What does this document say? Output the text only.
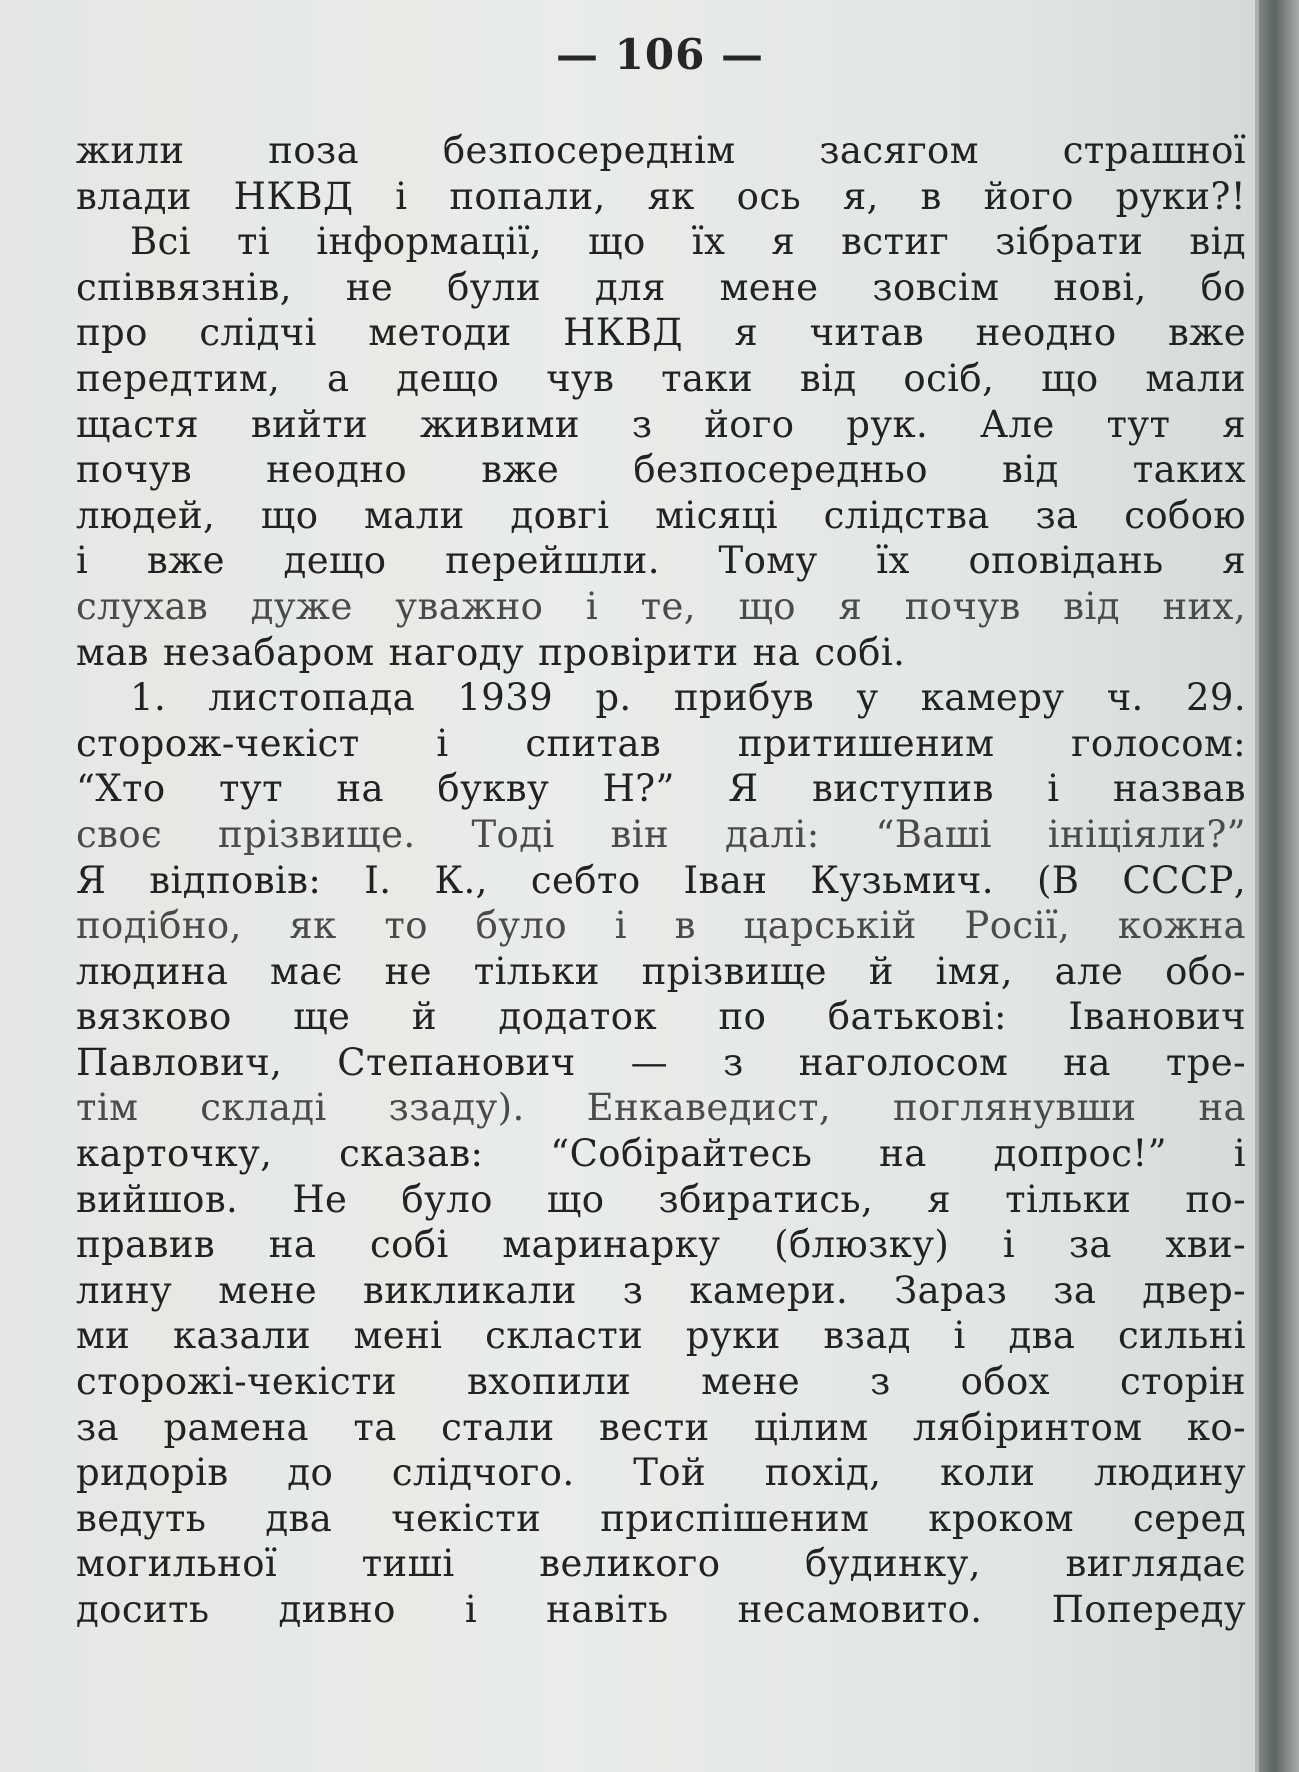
— 106 —
жили поза безпосереднім засягом страшної
влади НКВД і попали, як ось я, в його руки?!
Всі ті інформації, що їх я встиг зібрати від
співвязнів, не були для мене зовсім нові, бо
про слідчі методи НКВД я читав неодно вже
передтим, а дещо чув таки від осіб, що мали
щастя вийти живими з його рук. Але тут я
почув неодно вже безпосередньо від таких
людей, що мали довгі місяці слідства за собою
і вже дещо перейшли. Тому їх оповідань я
слухав дуже уважно і те, що я почув від них,
мав незабаром нагоду провірити на собі.
1. листопада 1939 р. прибув у камеру ч. 29.
сторож-чекіст і спитав притишеним голосом:
“Хто тут на букву Н?” Я виступив і назвав
своє прізвище. Тоді він далі: “Ваші ініціяли?”
Я відповів: І. К., себто Іван Кузьмич. (В СССР,
подібно, як то було і в царській Росії, кожна
людина має не тільки прізвище й імя, але обо-
вязково ще й додаток по батькові: Іванович
Павлович, Степанович — з наголосом на тре-
тім складі ззаду). Енкаведист, поглянувши на
карточку, сказав: “Собірайтесь на допрос!” і
вийшов. Не було що збиратись, я тільки по-
правив на собі маринарку (блюзку) і за хви-
лину мене викликали з камери. Зараз за двер-
ми казали мені скласти руки взад і два сильні
сторожі-чекісти вхопили мене з обох сторін
за рамена та стали вести цілим лябіринтом ко-
ридорів до слідчого. Той похід, коли людину
ведуть два чекісти приспішеним кроком серед
могильної тиші великого будинку, виглядає
досить дивно і навіть несамовито. Попереду
